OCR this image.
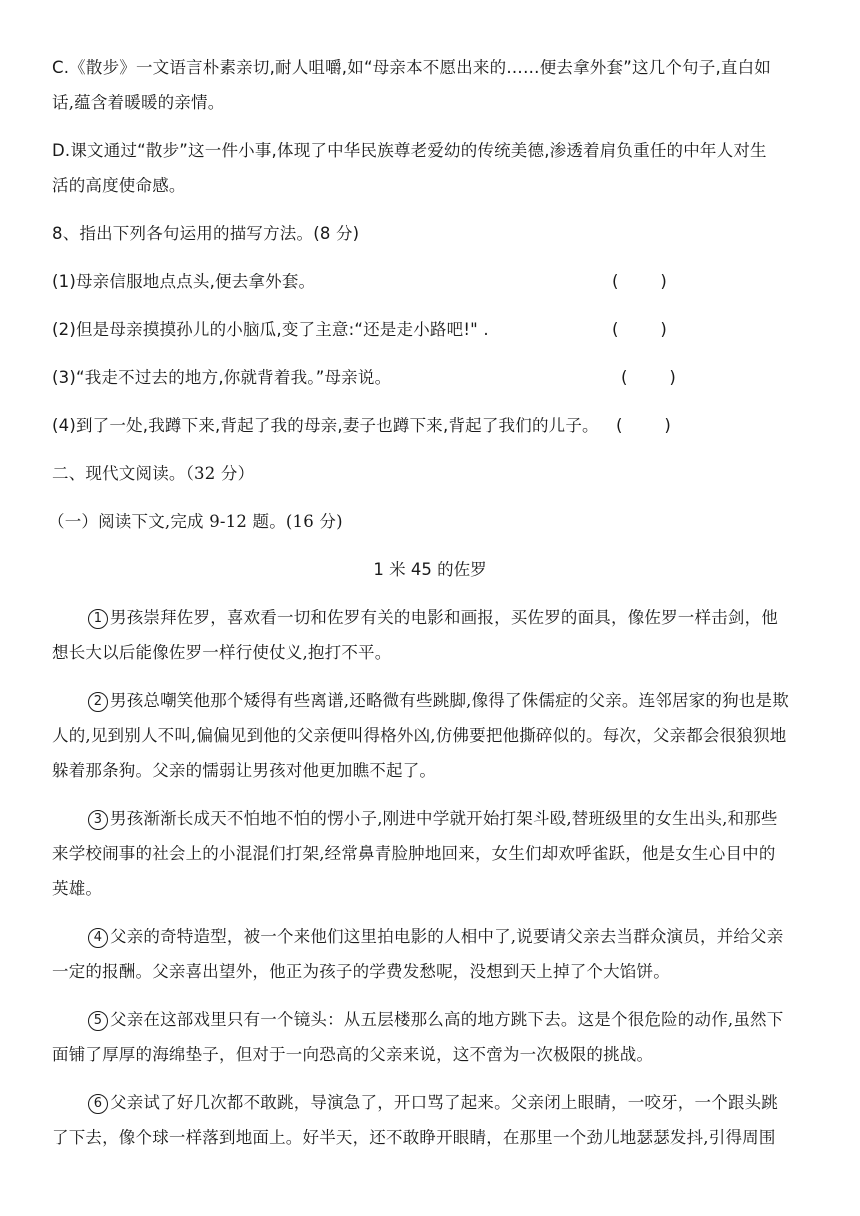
C.《散步》一文语言朴素亲切,耐人咀嚼,如“母亲本不愿出来的……便去拿外套”这几个句子,直白如
话,蕴含着暖暖的亲情。
D.课文通过“散步”这一件小事,体现了中华民族尊老爱幼的传统美德,渗透着肩负重任的中年人对生
活的高度使命感。
8、指出下列各句运用的描写方法。(8 分)
(1)母亲信服地点点头,便去拿外套。	(        )
(2)但是母亲摸摸孙儿的小脑瓜,变了主意:“还是走小路吧!" .	(        )
(3)“我走不过去的地方,你就背着我。”母亲说。	(        )
(4)到了一处,我蹲下来,背起了我的母亲,妻子也蹲下来,背起了我们的儿子。 (        )
二、现代文阅读。（32 分）
（一）阅读下文,完成 9-12 题。(16 分)
1 米 45 的佐罗
1 男孩崇拜佐罗，喜欢看一切和佐罗有关的电影和画报，买佐罗的面具，像佐罗一样击剑，他
想长大以后能像佐罗一样行使仗义,抱打不平。
2 男孩总嘲笑他那个矮得有些离谱,还略微有些跳脚,像得了侏儒症的父亲。连邻居家的狗也是欺
人的,见到别人不叫,偏偏见到他的父亲便叫得格外凶,仿佛要把他撕碎似的。每次，父亲都会很狼狈地
躲着那条狗。父亲的懦弱让男孩对他更加瞧不起了。
3 男孩渐渐长成天不怕地不怕的愣小子,刚进中学就开始打架斗殴,替班级里的女生出头,和那些
来学校闹事的社会上的小混混们打架,经常鼻青脸肿地回来，女生们却欢呼雀跃，他是女生心目中的
英雄。
4 父亲的奇特造型，被一个来他们这里拍电影的人相中了,说要请父亲去当群众演员，并给父亲
一定的报酬。父亲喜出望外，他正为孩子的学费发愁呢，没想到天上掉了个大馅饼。
5 父亲在这部戏里只有一个镜头：从五层楼那么高的地方跳下去。这是个很危险的动作,虽然下
面铺了厚厚的海绵垫子，但对于一向恐高的父亲来说，这不啻为一次极限的挑战。
6 父亲试了好几次都不敢跳，导演急了，开口骂了起来。父亲闭上眼睛，一咬牙，一个跟头跳
了下去，像个球一样落到地面上。好半天，还不敢睁开眼睛，在那里一个劲儿地瑟瑟发抖,引得周围
